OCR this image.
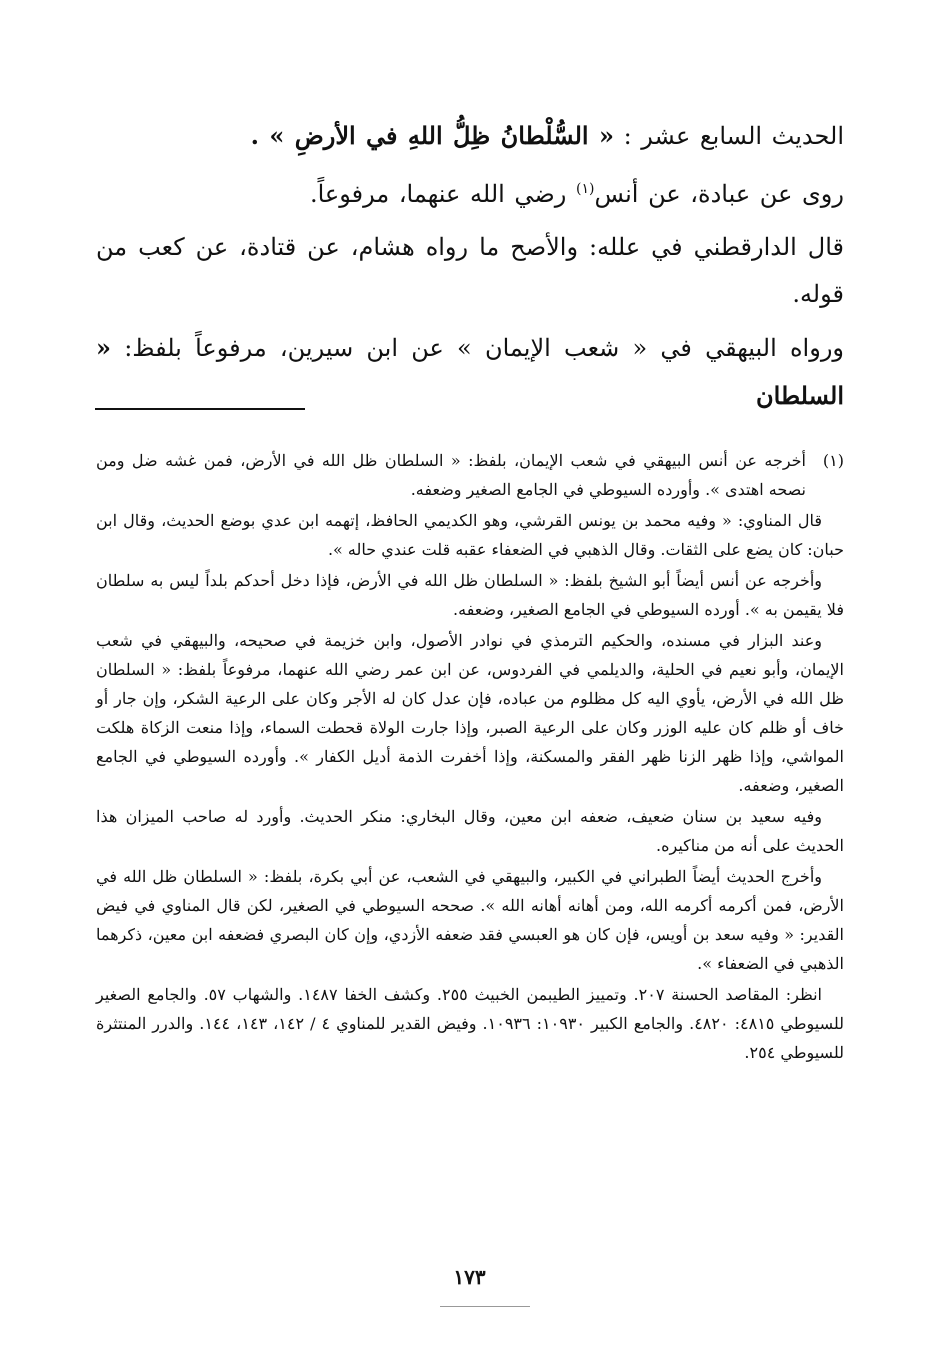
الحديث السابع عشر : « السُّلْطانُ ظِلُّ اللهِ في الأرضِ » .

روى عن عبادة، عن أنس$^{(١)}$ رضي الله عنهما، مرفوعاً.

قال الدارقطني في علله: والأصح ما رواه هشام، عن قتادة، عن كعب من قوله.

ورواه البيهقي في « شعب الإيمان » عن ابن سيرين، مرفوعاً بلفظ: « السلطان

(١)
أخرجه عن أنس البيهقي في شعب الإيمان، بلفظ: « السلطان ظل الله في الأرض، فمن غشه ضل ومن نصحه اهتدى ». وأورده السيوطي في الجامع الصغير وضعفه.

قال المناوي: « وفيه محمد بن يونس القرشي، وهو الكديمي الحافظ، إتهمه ابن عدي بوضع الحديث، وقال ابن حبان: كان يضع على الثقات. وقال الذهبي في الضعفاء عقبه قلت عندي حاله ».

وأخرجه عن أنس أيضاً أبو الشيخ بلفظ: « السلطان ظل الله في الأرض، فإذا دخل أحدكم بلداً ليس به سلطان فلا يقيمن به ». أورده السيوطي في الجامع الصغير، وضعفه.

وعند البزار في مسنده، والحكيم الترمذي في نوادر الأصول، وابن خزيمة في صحيحه، والبيهقي في شعب الإيمان، وأبو نعيم في الحلية، والديلمي في الفردوس، عن ابن عمر رضي الله عنهما، مرفوعاً بلفظ: « السلطان ظل الله في الأرض، يأوي اليه كل مظلوم من عباده، فإن عدل كان له الأجر وكان على الرعية الشكر، وإن جار أو خاف أو ظلم كان عليه الوزر وكان على الرعية الصبر، وإذا جارت الولاة قحطت السماء، وإذا منعت الزكاة هلكت المواشي، وإذا ظهر الزنا ظهر الفقر والمسكنة، وإذا أخفرت الذمة أديل الكفار ». وأورده السيوطي في الجامع الصغير، وضعفه.

وفيه سعيد بن سنان ضعيف، ضعفه ابن معين، وقال البخاري: منكر الحديث. وأورد له صاحب الميزان هذا الحديث على أنه من مناكيره.

وأخرج الحديث أيضاً الطبراني في الكبير، والبيهقي في الشعب، عن أبي بكرة، بلفظ: « السلطان ظل الله في الأرض، فمن أكرمه أكرمه الله، ومن أهانه أهانه الله ». صححه السيوطي في الصغير، لكن قال المناوي في فيض القدير: « وفيه سعد بن أويس، فإن كان هو العبسي فقد ضعفه الأزدي، وإن كان البصري فضعفه ابن معين، ذكرهما الذهبي في الضعفاء ».

انظر: المقاصد الحسنة ٢٠٧. وتمييز الطيبمن الخبيث ٢٥٥. وكشف الخفا ١٤٨٧. والشهاب ٥٧. والجامع الصغير للسيوطي ٤٨١٥: ٤٨٢٠. والجامع الكبير ١٠٩٣٠: ١٠٩٣٦. وفيض القدير للمناوي ٤ / ١٤٢، ١٤٣، ١٤٤. والدرر المنتثرة للسيوطي ٢٥٤.

١٧٣
